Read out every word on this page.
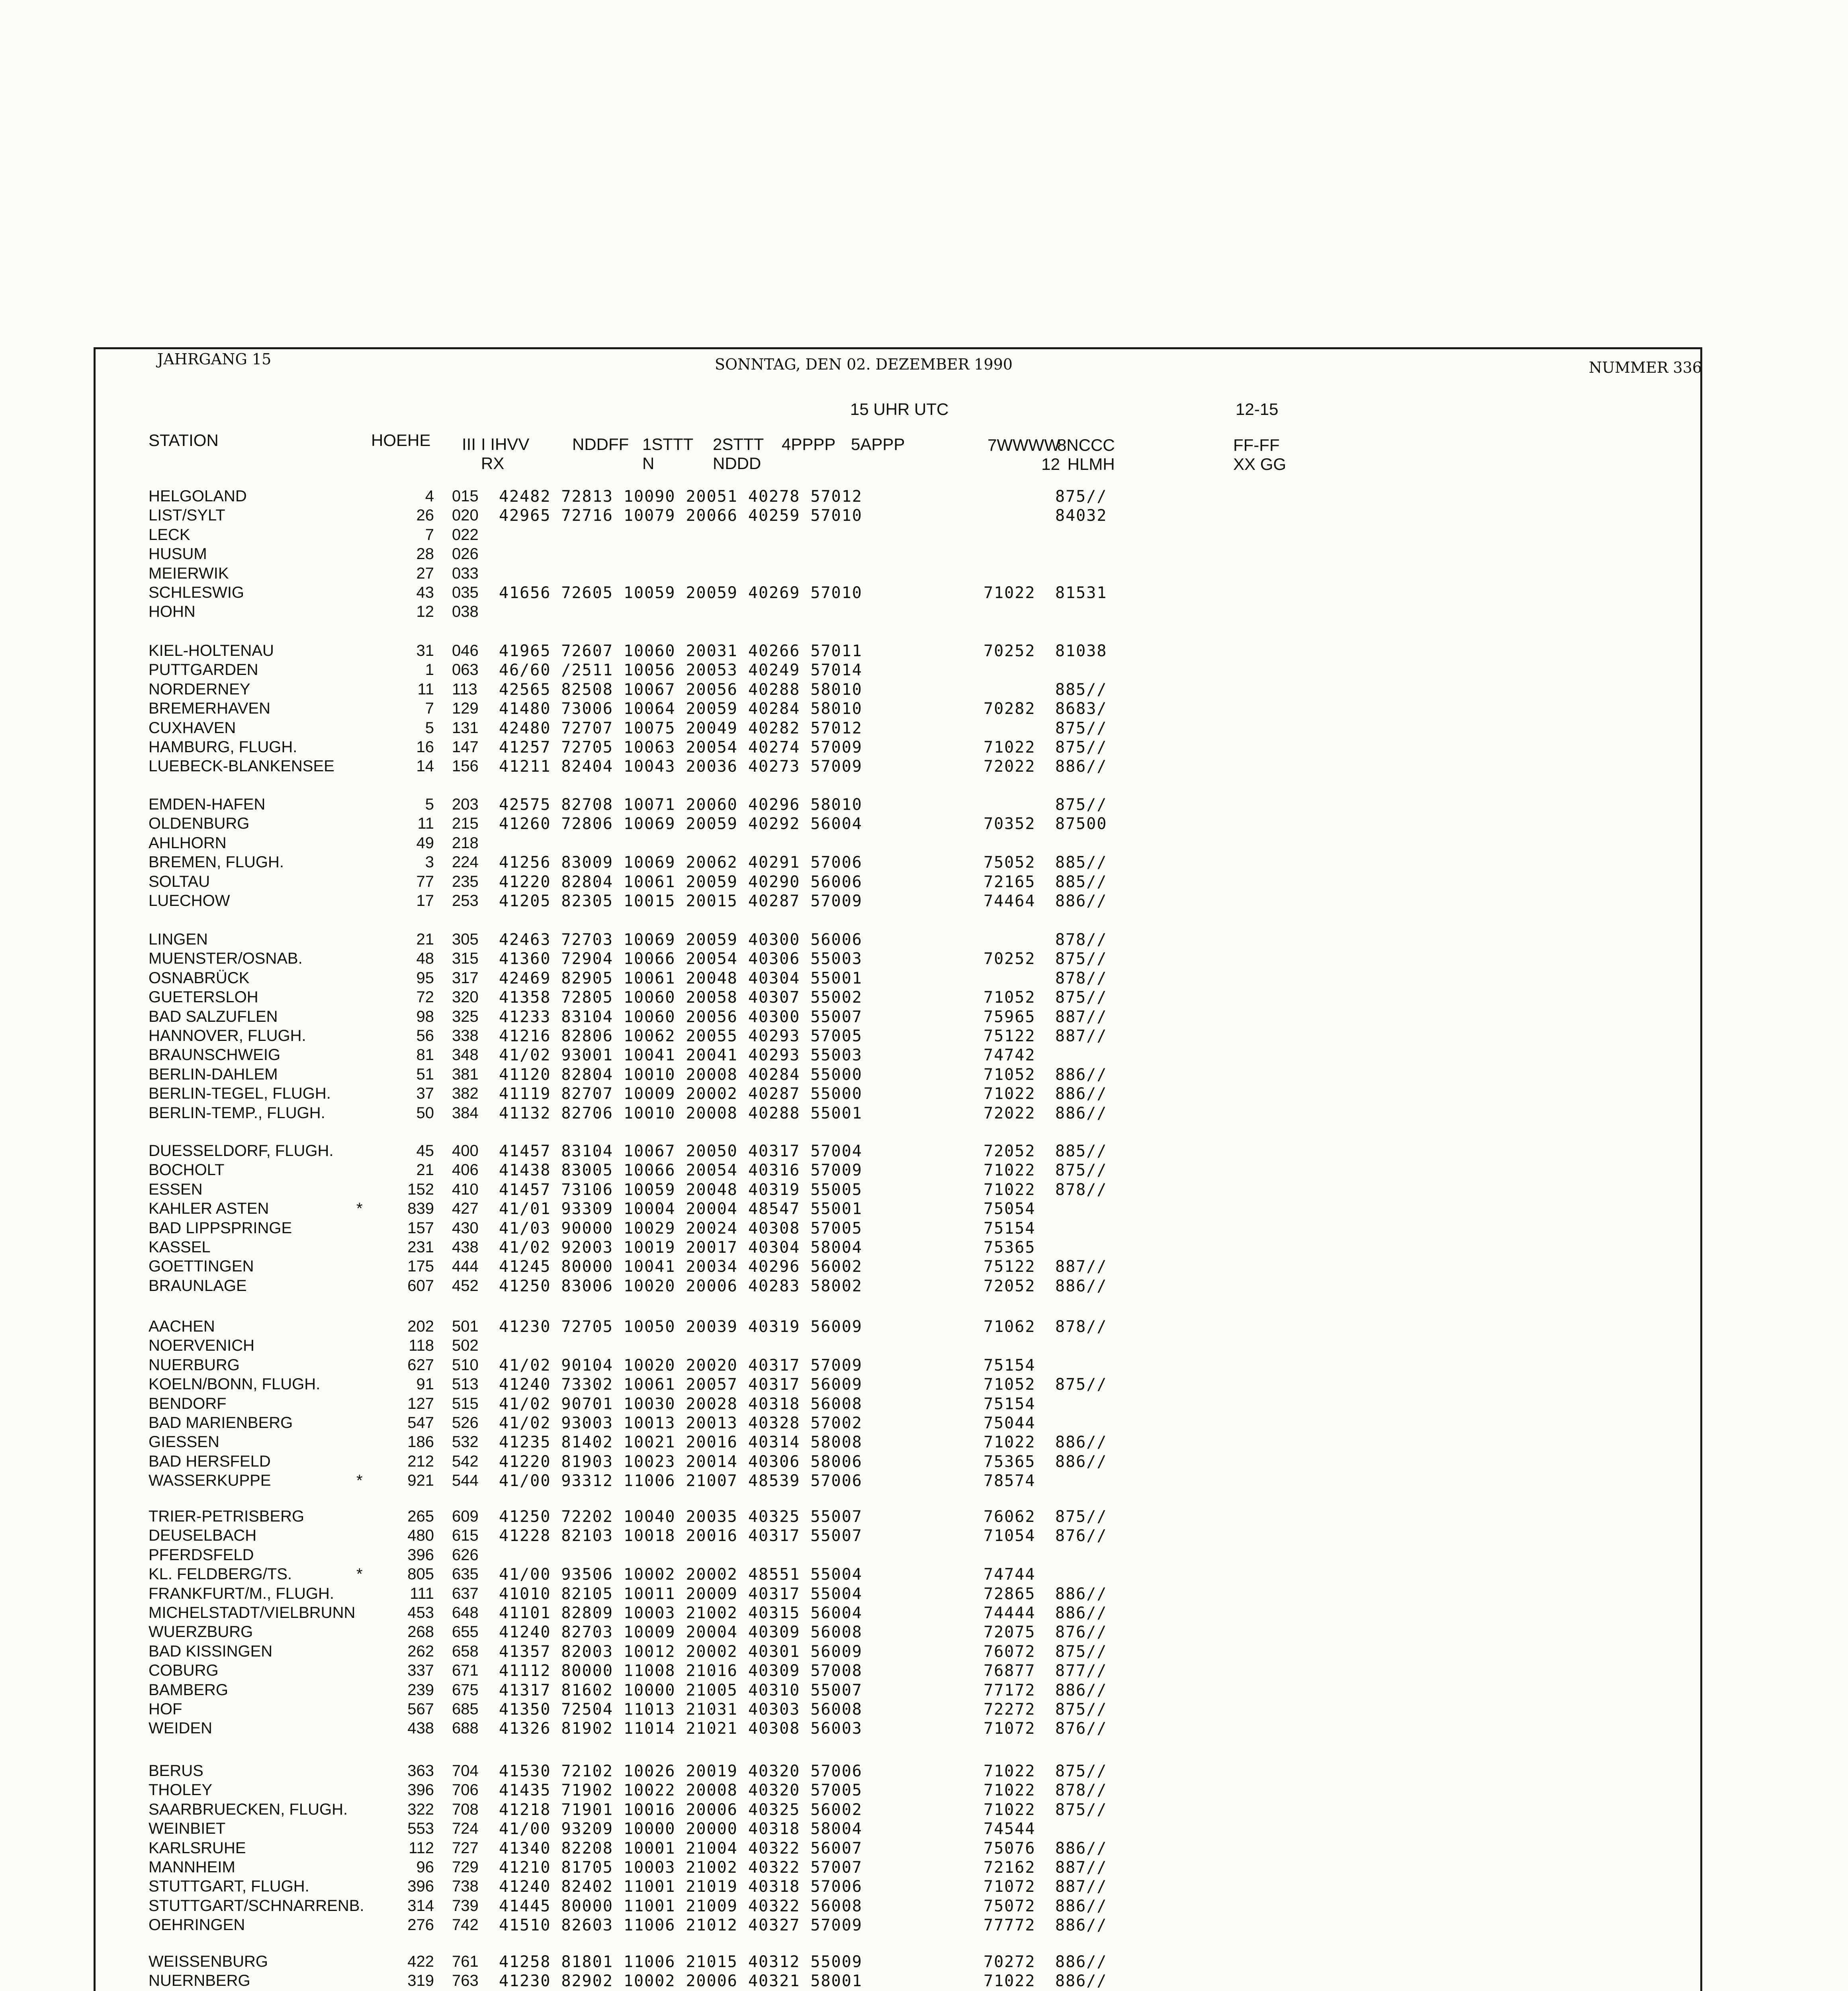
JAHRGANG 15	SONNTAG, DEN 02. DEZEMBER 1990	NUMMER 336
15 UHR UTC	12-15
STATION	HOEHE III I IHVV
RX
NDDFF 1STTT
N
2STTT
NDDD
4PPPP 5APPP	7WWWW
12
8NCCC
HLMH
FF-FF
XX GG
HELGOLAND	4 015 42482 72813 10090 20051 40278 57012	875//
LIST/SYLT	26 020 42965 72716 10079 20066 40259 57010	84032
LECK	7 022
HUSUM	28 026
MEIERWIK	27 033
SCHLESWIG	43 035 41656 72605 10059 20059 40269 57010	71022 81531
HOHN	12 038
KIEL-HOLTENAU	31 046 41965 72607 10060 20031 40266 57011	70252 81038
PUTTGARDEN	1 063 46/60 /2511 10056 20053 40249 57014
NORDERNEY	11 113 42565 82508 10067 20056 40288 58010	885//
BREMERHAVEN	7 129 41480 73006 10064 20059 40284 58010	70282 8683/
CUXHAVEN	5 131 42480 72707 10075 20049 40282 57012	875//
HAMBURG, FLUGH.	16 147 41257 72705 10063 20054 40274 57009	71022 875//
LUEBECK-BLANKENSEE	14 156 41211 82404 10043 20036 40273 57009	72022 886//
EMDEN-HAFEN	5 203 42575 82708 10071 20060 40296 58010	875//
OLDENBURG	11 215 41260 72806 10069 20059 40292 56004	70352 87500
AHLHORN	49 218
BREMEN, FLUGH.	3 224 41256 83009 10069 20062 40291 57006	75052 885//
SOLTAU	77 235 41220 82804 10061 20059 40290 56006	72165 885//
LUECHOW	17 253 41205 82305 10015 20015 40287 57009	74464 886//
LINGEN	21 305 42463 72703 10069 20059 40300 56006	878//
MUENSTER/OSNAB.	48 315 41360 72904 10066 20054 40306 55003	70252 875//
OSNABRÜCK	95 317 42469 82905 10061 20048 40304 55001	878//
GUETERSLOH	72 320 41358 72805 10060 20058 40307 55002	71052 875//
BAD SALZUFLEN	98 325 41233 83104 10060 20056 40300 55007	75965 887//
HANNOVER, FLUGH.	56 338 41216 82806 10062 20055 40293 57005	75122 887//
BRAUNSCHWEIG	81 348 41/02 93001 10041 20041 40293 55003	74742
BERLIN-DAHLEM	51 381 41120 82804 10010 20008 40284 55000	71052 886//
BERLIN-TEGEL, FLUGH.	37 382 41119 82707 10009 20002 40287 55000	71022 886//
BERLIN-TEMP., FLUGH.	50 384 41132 82706 10010 20008 40288 55001	72022 886//
DUESSELDORF, FLUGH.	45 400 41457 83104 10067 20050 40317 57004	72052 885//
BOCHOLT	21 406 41438 83005 10066 20054 40316 57009	71022 875//
ESSEN	152 410 41457 73106 10059 20048 40319 55005	71022 878//
KAHLER ASTEN	*	839 427 41/01 93309 10004 20004 48547 55001	75054
BAD LIPPSPRINGE	157 430 41/03 90000 10029 20024 40308 57005	75154
KASSEL	231 438 41/02 92003 10019 20017 40304 58004	75365
GOETTINGEN	175 444 41245 80000 10041 20034 40296 56002	75122 887//
BRAUNLAGE	607 452 41250 83006 10020 20006 40283 58002	72052 886//
AACHEN	202 501 41230 72705 10050 20039 40319 56009	71062 878//
NOERVENICH	118 502
NUERBURG	627 510 41/02 90104 10020 20020 40317 57009	75154
KOELN/BONN, FLUGH.	91 513 41240 73302 10061 20057 40317 56009	71052 875//
BENDORF	127 515 41/02 90701 10030 20028 40318 56008	75154
BAD MARIENBERG	547 526 41/02 93003 10013 20013 40328 57002	75044
GIESSEN	186 532 41235 81402 10021 20016 40314 58008	71022 886//
BAD HERSFELD	212 542 41220 81903 10023 20014 40306 58006	75365 886//
WASSERKUPPE	*	921 544 41/00 93312 11006 21007 48539 57006	78574
TRIER-PETRISBERG	265 609 41250 72202 10040 20035 40325 55007	76062 875//
DEUSELBACH	480 615 41228 82103 10018 20016 40317 55007	71054 876//
PFERDSFELD	396 626
KL. FELDBERG/TS.	*	805 635 41/00 93506 10002 20002 48551 55004	74744
FRANKFURT/M., FLUGH.	111 637 41010 82105 10011 20009 40317 55004	72865 886//
MICHELSTADT/VIELBRUNN	453 648 41101 82809 10003 21002 40315 56004	74444 886//
WUERZBURG	268 655 41240 82703 10009 20004 40309 56008	72075 876//
BAD KISSINGEN	262 658 41357 82003 10012 20002 40301 56009	76072 875//
COBURG	337 671 41112 80000 11008 21016 40309 57008	76877 877//
BAMBERG	239 675 41317 81602 10000 21005 40310 55007	77172 886//
HOF	567 685 41350 72504 11013 21031 40303 56008	72272 875//
WEIDEN	438 688 41326 81902 11014 21021 40308 56003	71072 876//
BERUS	363 704 41530 72102 10026 20019 40320 57006	71022 875//
THOLEY	396 706 41435 71902 10022 20008 40320 57005	71022 878//
SAARBRUECKEN, FLUGH.	322 708 41218 71901 10016 20006 40325 56002	71022 875//
WEINBIET	553 724 41/00 93209 10000 20000 40318 58004	74544
KARLSRUHE	112 727 41340 82208 10001 21004 40322 56007	75076 886//
MANNHEIM	96 729 41210 81705 10003 21002 40322 57007	72162 887//
STUTTGART, FLUGH.	396 738 41240 82402 11001 21019 40318 57006	71072 887//
STUTTGART/SCHNARRENB.	314 739 41445 80000 11001 21009 40322 56008	75072 886//
OEHRINGEN	276 742 41510 82603 11006 21012 40327 57009	77772 886//
WEISSENBURG	422 761 41258 81801 11006 21015 40312 55009	70272 886//
NUERNBERG	319 763 41230 82902 10002 20006 40321 58001	71022 886//
